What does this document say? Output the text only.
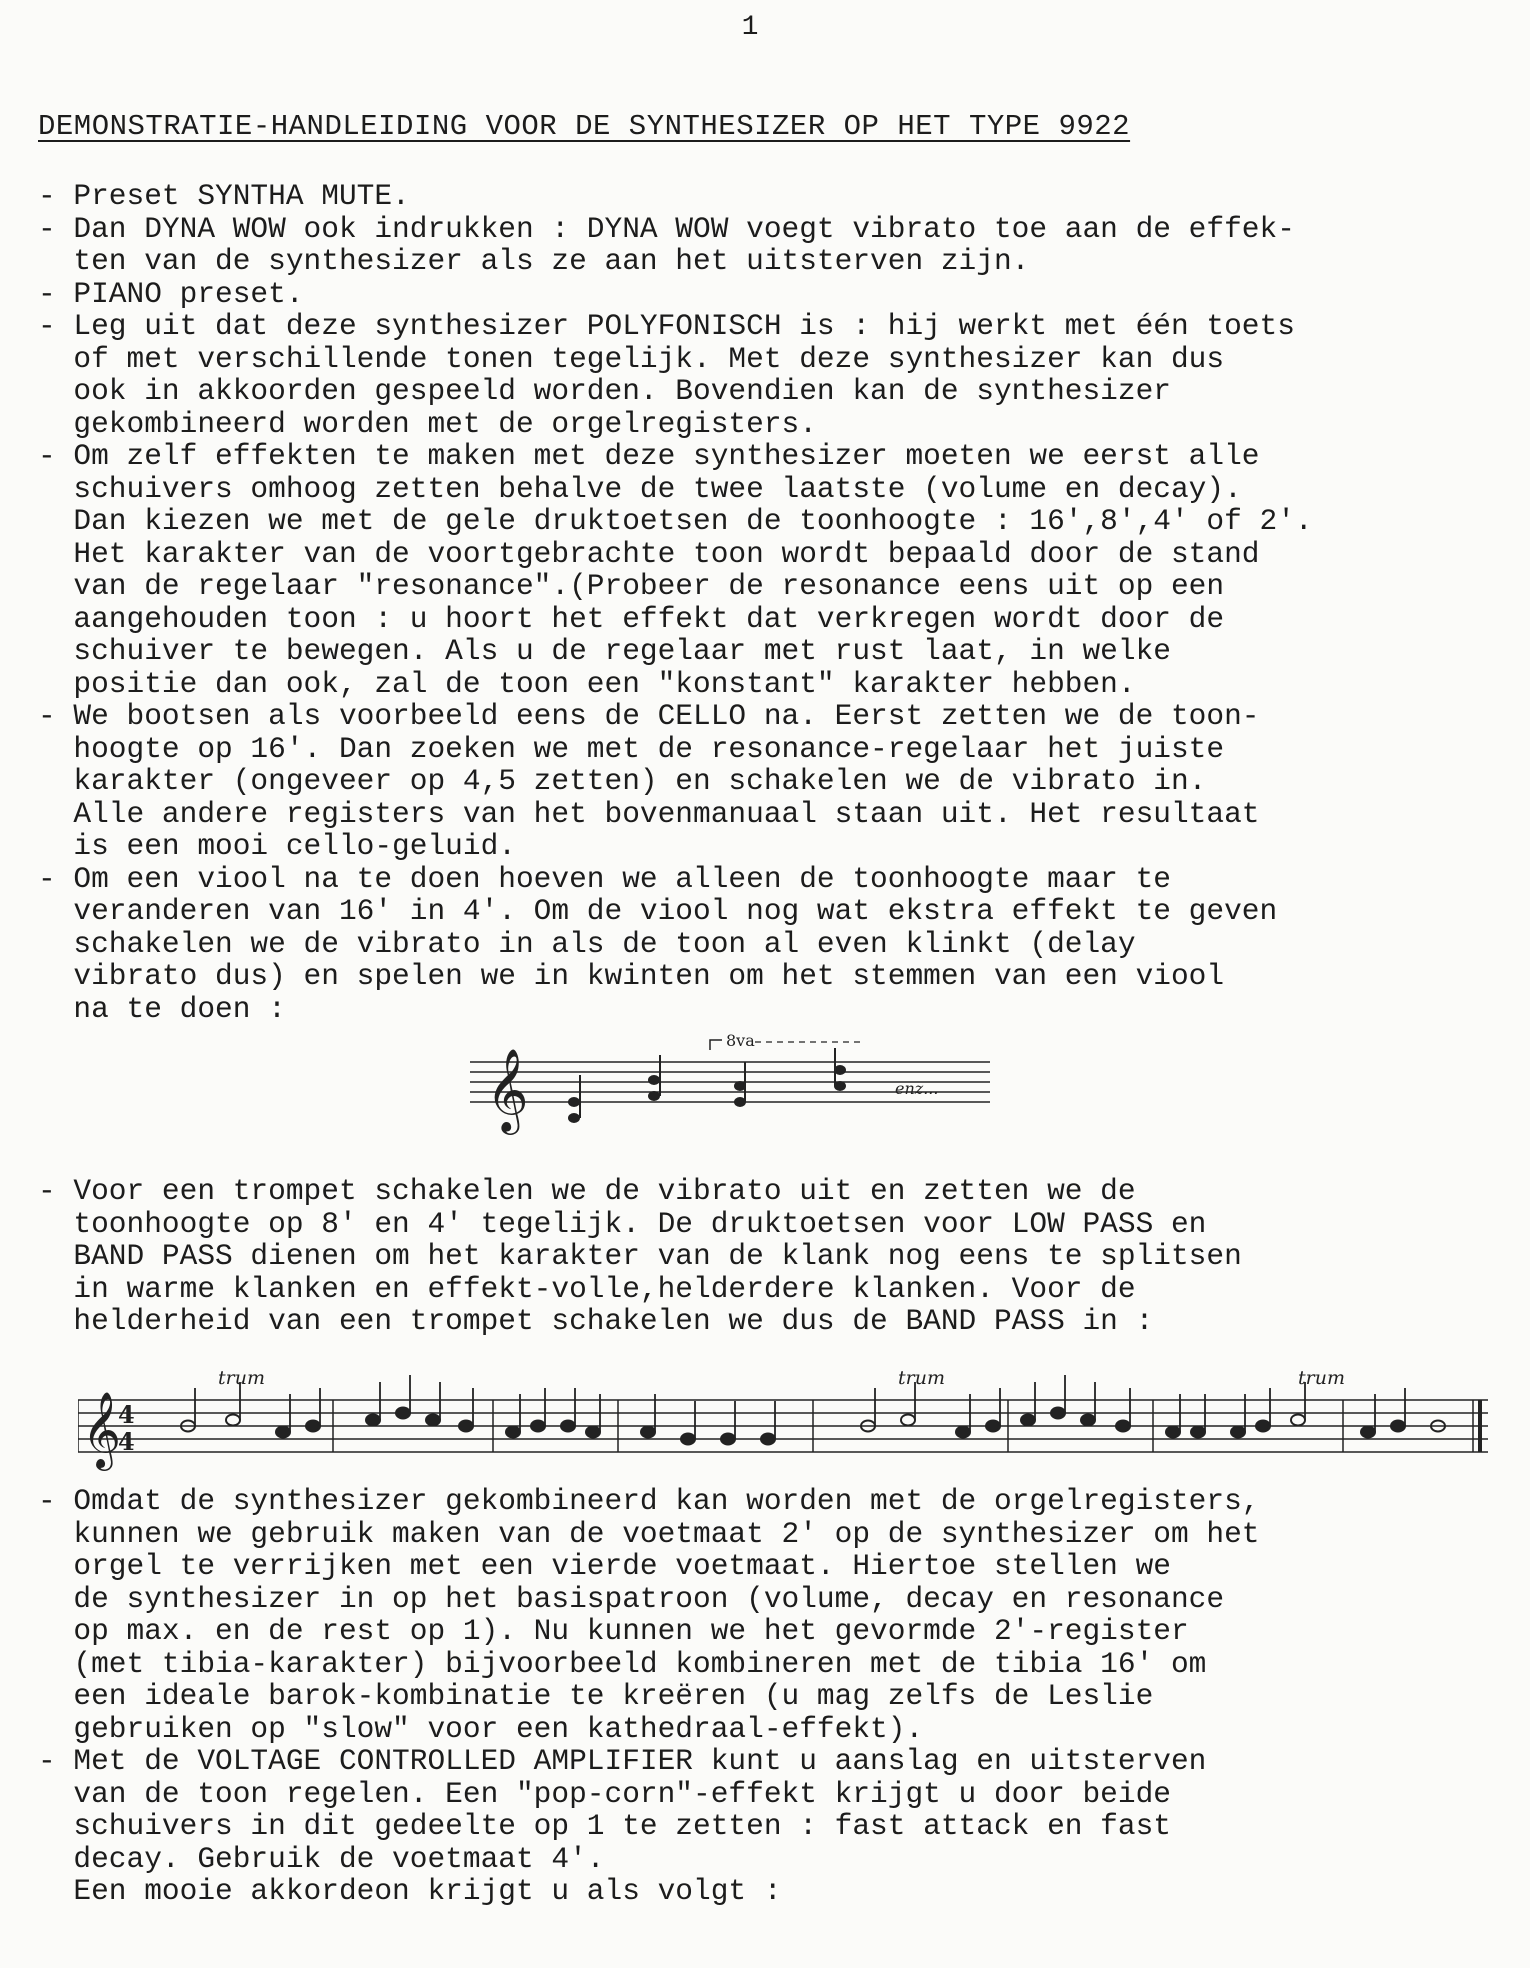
1
DEMONSTRATIE-HANDLEIDING VOOR DE SYNTHESIZER OP HET TYPE 9922
- Preset SYNTHA MUTE.
- Dan DYNA WOW ook indrukken : DYNA WOW voegt vibrato toe aan de effek-
ten van de synthesizer als ze aan het uitsterven zijn.
- PIANO preset.
- Leg uit dat deze synthesizer POLYFONISCH is : hij werkt met één toets
of met verschillende tonen tegelijk. Met deze synthesizer kan dus
ook in akkoorden gespeeld worden. Bovendien kan de synthesizer
gekombineerd worden met de orgelregisters.
- Om zelf effekten te maken met deze synthesizer moeten we eerst alle
schuivers omhoog zetten behalve de twee laatste (volume en decay).
Dan kiezen we met de gele druktoetsen de toonhoogte : 16',8',4' of 2'.
Het karakter van de voortgebrachte toon wordt bepaald door de stand
van de regelaar "resonance".(Probeer de resonance eens uit op een
aangehouden toon : u hoort het effekt dat verkregen wordt door de
schuiver te bewegen. Als u de regelaar met rust laat, in welke
positie dan ook, zal de toon een "konstant" karakter hebben.
- We bootsen als voorbeeld eens de CELLO na. Eerst zetten we de toon-
hoogte op 16'. Dan zoeken we met de resonance-regelaar het juiste
karakter (ongeveer op 4,5 zetten) en schakelen we de vibrato in.
Alle andere registers van het bovenmanuaal staan uit. Het resultaat
is een mooi cello-geluid.
- Om een viool na te doen hoeven we alleen de toonhoogte maar te
veranderen van 16' in 4'. Om de viool nog wat ekstra effekt te geven
schakelen we de vibrato in als de toon al even klinkt (delay
vibrato dus) en spelen we in kwinten om het stemmen van een viool
na te doen :
𝄞
8va
enz...
- Voor een trompet schakelen we de vibrato uit en zetten we de
toonhoogte op 8' en 4' tegelijk. De druktoetsen voor LOW PASS en
BAND PASS dienen om het karakter van de klank nog eens te splitsen
in warme klanken en effekt-volle,helderdere klanken. Voor de
helderheid van een trompet schakelen we dus de BAND PASS in :
𝄞
4
4
trum	trum	trum
- Omdat de synthesizer gekombineerd kan worden met de orgelregisters,
kunnen we gebruik maken van de voetmaat 2' op de synthesizer om het
orgel te verrijken met een vierde voetmaat. Hiertoe stellen we
de synthesizer in op het basispatroon (volume, decay en resonance
op max. en de rest op 1). Nu kunnen we het gevormde 2'-register
(met tibia-karakter) bijvoorbeeld kombineren met de tibia 16' om
een ideale barok-kombinatie te kreëren (u mag zelfs de Leslie
gebruiken op "slow" voor een kathedraal-effekt).
- Met de VOLTAGE CONTROLLED AMPLIFIER kunt u aanslag en uitsterven
van de toon regelen. Een "pop-corn"-effekt krijgt u door beide
schuivers in dit gedeelte op 1 te zetten : fast attack en fast
decay. Gebruik de voetmaat 4'.
Een mooie akkordeon krijgt u als volgt :
